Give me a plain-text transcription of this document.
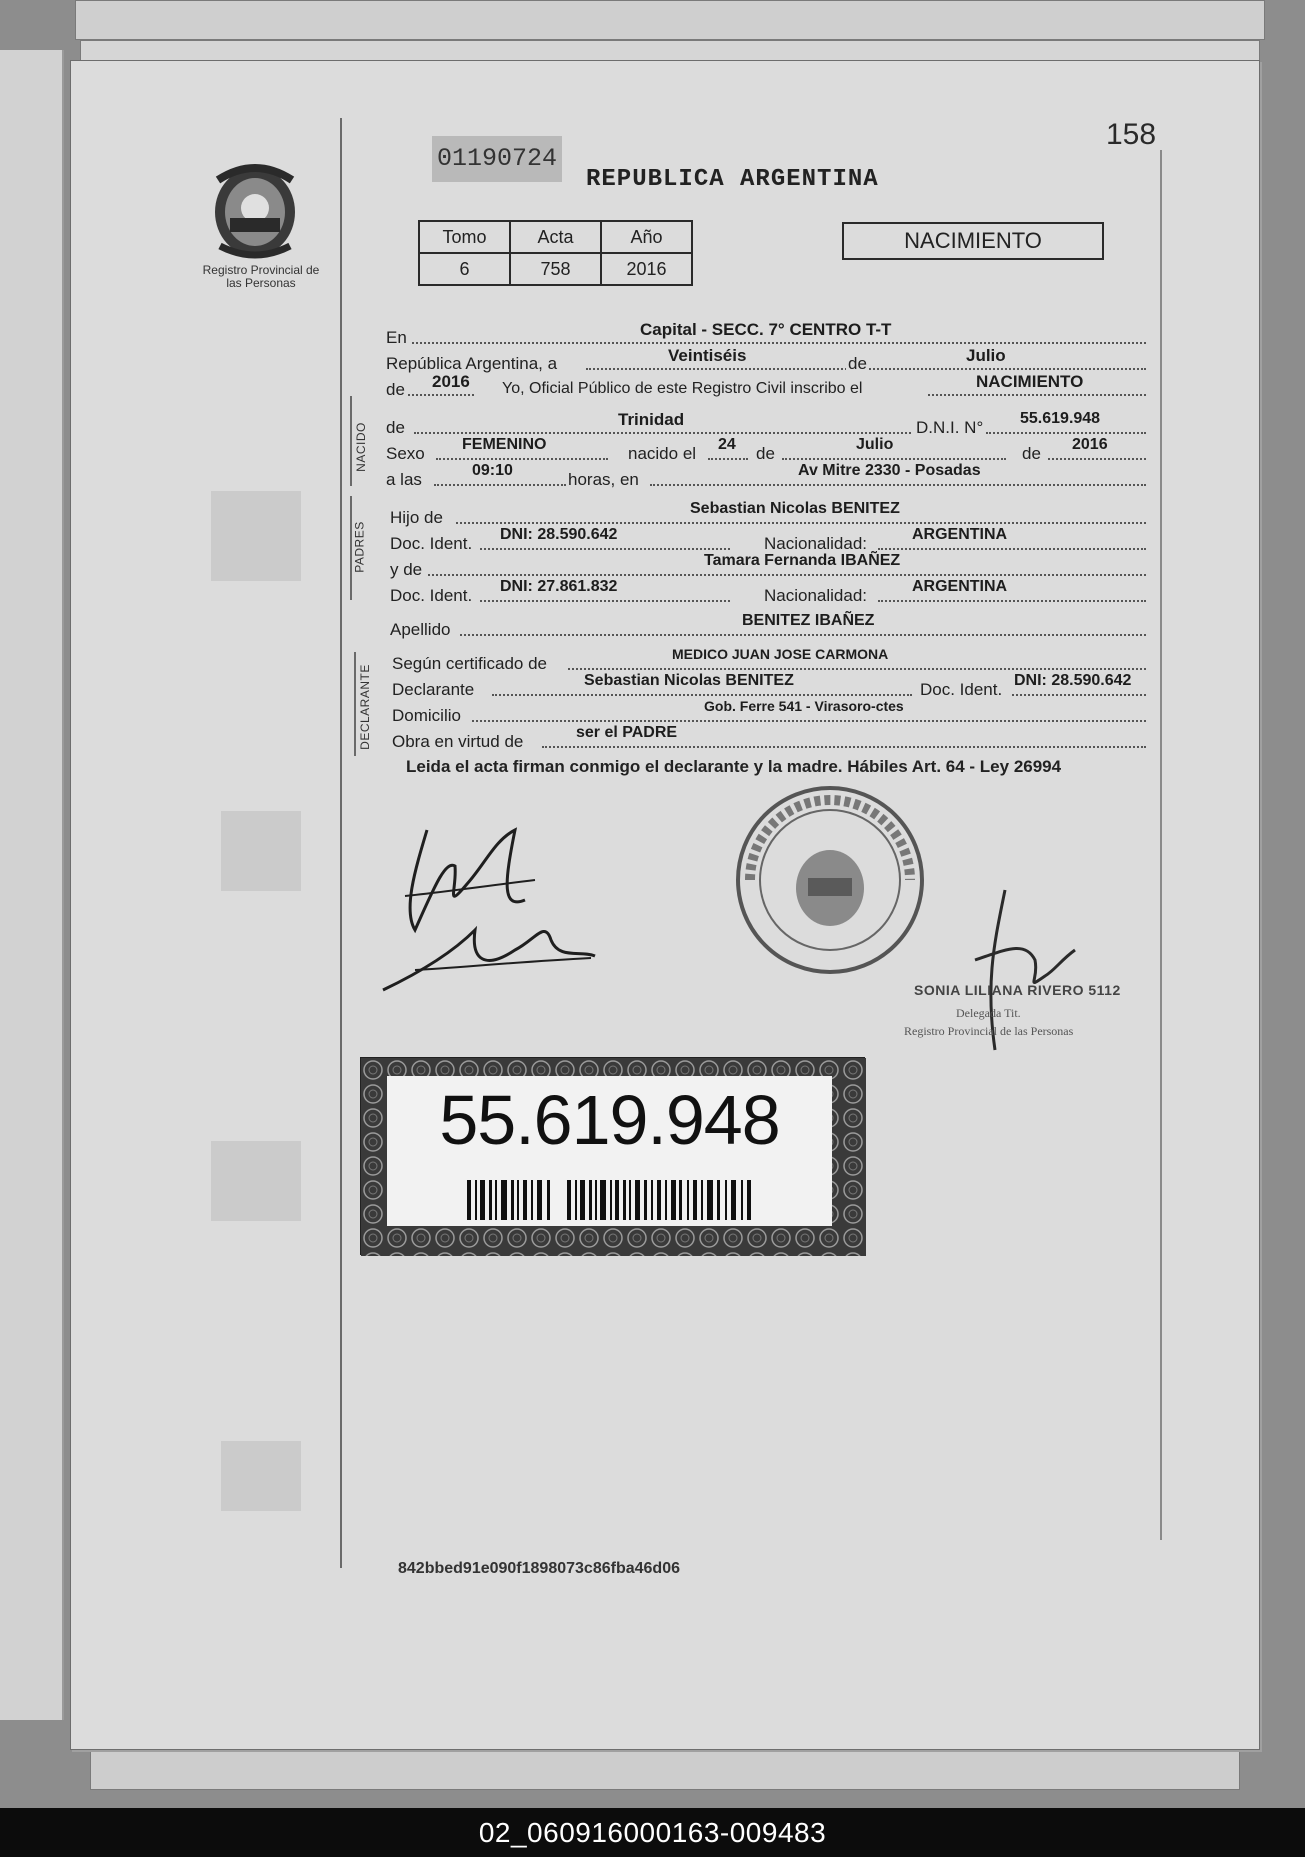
Registro Provincial de las Personas
01190724
158
REPUBLICA ARGENTINA
Tomo	Acta	Año
6	758	2016
NACIMIENTO
En	Capital - SECC. 7° CENTRO T-T
República Argentina, a	Veintiséis	de	Julio
de 2016 Yo, Oficial Público de este Registro Civil inscribo el	NACIMIENTO
NACIDO de	Trinidad	D.N.I. N° 55.619.948
Sexo FEMENINO	nacido el 24 de	Julio	de 2016
a las	09:10	horas, en	Av Mitre 2330 - Posadas
PADRES
Hijo de	Sebastian Nicolas BENITEZ
Doc. Ident. DNI: 28.590.642	Nacionalidad:	ARGENTINA
y de	Tamara Fernanda IBAÑEZ
Doc. Ident. DNI: 27.861.832	Nacionalidad:	ARGENTINA
Apellido	BENITEZ IBAÑEZ
DECLARANTE
Según certificado de	MEDICO JUAN JOSE CARMONA
Declarante	Sebastian Nicolas BENITEZ	Doc. Ident. DNI: 28.590.642
Domicilio	Gob. Ferre 541 - Virasoro-ctes
Obra en virtud de	ser el PADRE
Leida el acta firman conmigo el declarante y la madre. Hábiles Art. 64 - Ley 26994
SONIA LILIANA RIVERO 5112
Delegada Tit.
Registro Provincial de las Personas
55.619.948
842bbed91e090f1898073c86fba46d06
02_060916000163-009483
